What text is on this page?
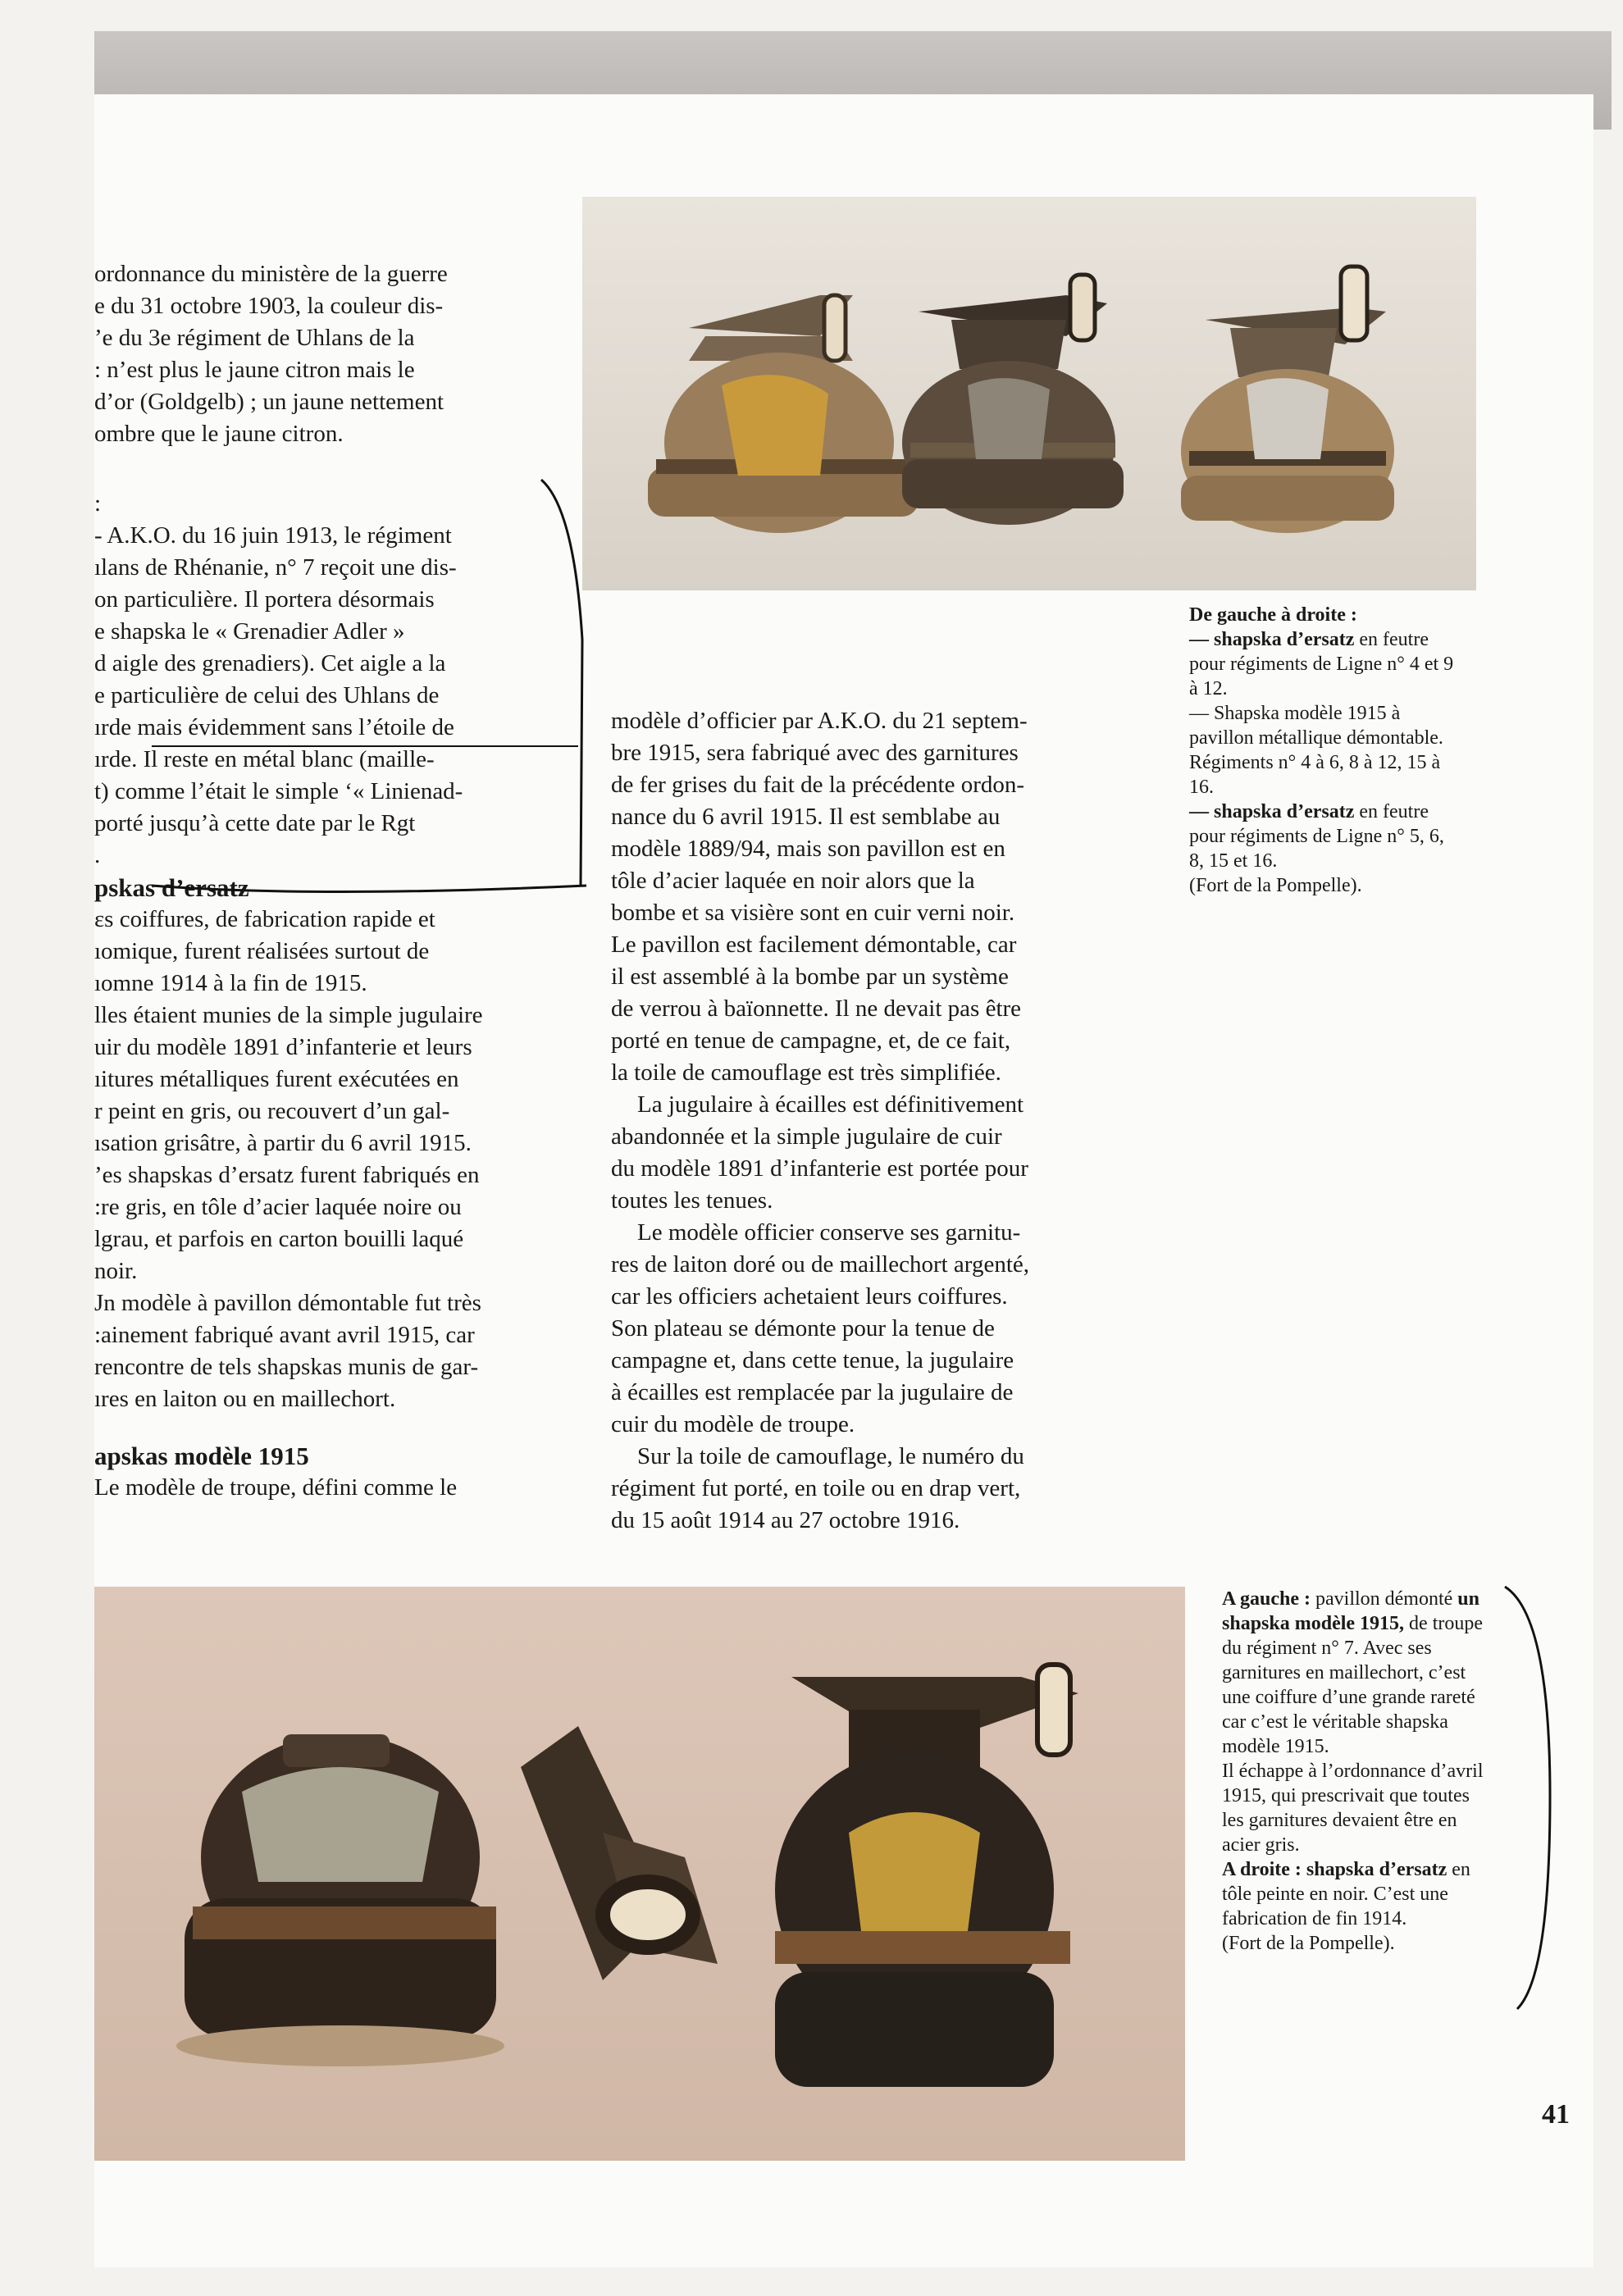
ordonnance du ministère de la guerre
e du 31 octobre 1903, la couleur dis-
’e du 3e régiment de Uhlans de la
: n’est plus le jaune citron mais le
d’or (Goldgelb) ; un jaune nettement
ombre que le jaune citron.

:
‑ A.K.O. du 16 juin 1913, le régiment
ılans de Rhénanie, n° 7 reçoit une dis-
on particulière. Il portera désormais
e shapska le « Grenadier Adler »
d aigle des grenadiers). Cet aigle a la
e particulière de celui des Uhlans de
ırde mais évidemment sans l’étoile de
ırde. Il reste en métal blanc (maille-
t) comme l’était le simple ‘« Linienad-
porté jusqu’à cette date par le Rgt
.

pskas d’ersatz

ɛs coiffures, de fabrication rapide et
ıomique, furent réalisées surtout de
ıomne 1914 à la fin de 1915.
lles étaient munies de la simple jugulaire
uir du modèle 1891 d’infanterie et leurs
ıitures métalliques furent exécutées en
r peint en gris, ou recouvert d’un gal-
ısation grisâtre, à partir du 6 avril 1915.
’es shapskas d’ersatz furent fabriqués en
:re gris, en tôle d’acier laquée noire ou
lgrau, et parfois en carton bouilli laqué
noir.
Jn modèle à pavillon démontable fut très
:ainement fabriqué avant avril 1915, car
rencontre de tels shapskas munis de gar-
ıres en laiton ou en maillechort.

apskas modèle 1915

Le modèle de troupe, défini comme le

modèle d’officier par A.K.O. du 21 septem-
bre 1915, sera fabriqué avec des garnitures
de fer grises du fait de la précédente ordon-
nance du 6 avril 1915. Il est semblabe au
modèle 1889/94, mais son pavillon est en
tôle d’acier laquée en noir alors que la
bombe et sa visière sont en cuir verni noir.
Le pavillon est facilement démontable, car
il est assemblé à la bombe par un système
de verrou à baïonnette. Il ne devait pas être
porté en tenue de campagne, et, de ce fait,
la toile de camouflage est très simplifiée.

La jugulaire à écailles est définitivement
abandonnée et la simple jugulaire de cuir
du modèle 1891 d’infanterie est portée pour
toutes les tenues.

Le modèle officier conserve ses garnitu-
res de laiton doré ou de maillechort argenté,
car les officiers achetaient leurs coiffures.
Son plateau se démonte pour la tenue de
campagne et, dans cette tenue, la jugulaire
à écailles est remplacée par la jugulaire de
cuir du modèle de troupe.

Sur la toile de camouflage, le numéro du
régiment fut porté, en toile ou en drap vert,
du 15 août 1914 au 27 octobre 1916.

De gauche à droite :

— shapska d’ersatz en feutre pour régiments de Ligne n° 4 et 9 à 12.

— Shapska modèle 1915 à pavillon métallique démontable. Régiments n° 4 à 6, 8 à 12, 15 à 16.

— shapska d’ersatz en feutre pour régiments de Ligne n° 5, 6, 8, 15 et 16.

(Fort de la Pompelle).

A gauche : pavillon démonté un shapska modèle 1915, de troupe du régiment n° 7. Avec ses garnitures en maillechort, c’est une coiffure d’une grande rareté car c’est le véritable shapska modèle 1915.

Il échappe à l’ordonnance d’avril 1915, qui prescrivait que toutes les garnitures devaient être en acier gris.

A droite : shapska d’ersatz en tôle peinte en noir. C’est une fabrication de fin 1914.

(Fort de la Pompelle).

41
